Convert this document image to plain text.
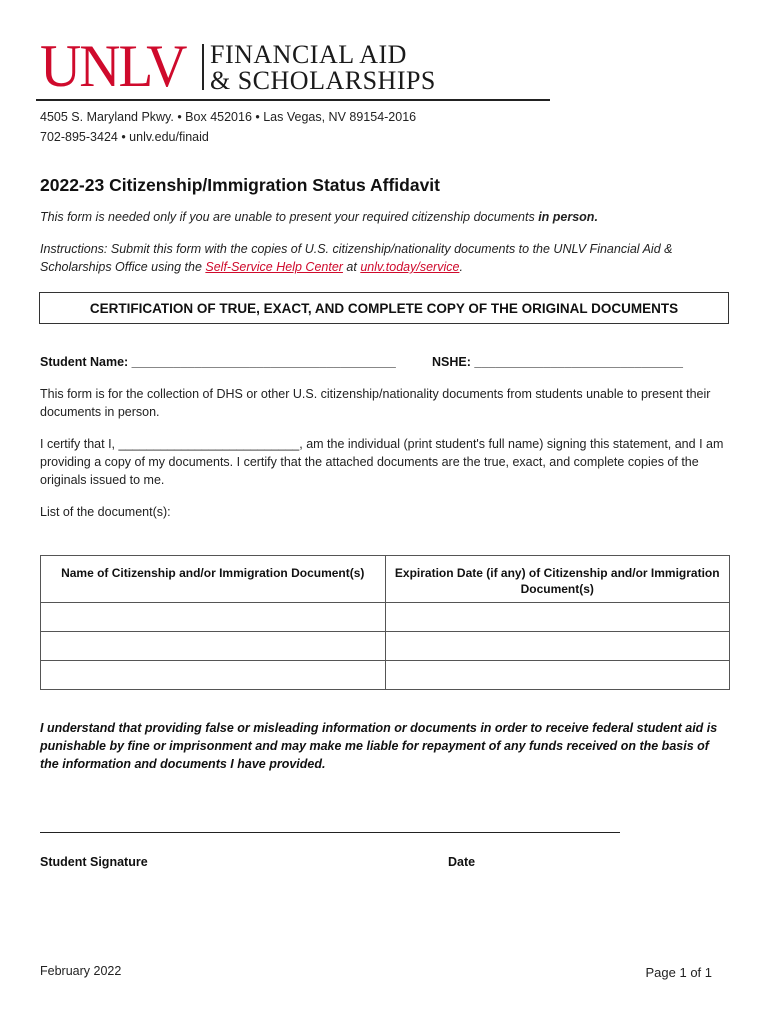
UNLV FINANCIAL AID
& SCHOLARSHIPS
4505 S. Maryland Pkwy. • Box 452016 • Las Vegas, NV 89154-2016
702-895-3424 • unlv.edu/finaid
2022-23 Citizenship/Immigration Status Affidavit
This form is needed only if you are unable to present your required citizenship documents in person.
Instructions: Submit this form with the copies of U.S. citizenship/nationality documents to the UNLV Financial Aid & Scholarships Office using the Self-Service Help Center at unlv.today/service.
CERTIFICATION OF TRUE, EXACT, AND COMPLETE COPY OF THE ORIGINAL DOCUMENTS
Student Name: ______________________________________	NSHE: ______________________________
This form is for the collection of DHS or other U.S. citizenship/nationality documents from students unable to present their documents in person.
I certify that I, __________________________, am the individual (print student's full name) signing this statement, and I am providing a copy of my documents. I certify that the attached documents are the true, exact, and complete copies of the originals issued to me.
List of the document(s):
Name of Citizenship and/or Immigration Document(s)	Expiration Date (if any) of Citizenship and/or Immigration Document(s)

I understand that providing false or misleading information or documents in order to receive federal student aid is punishable by fine or imprisonment and may make me liable for repayment of any funds received on the basis of the information and documents I have provided.
Student Signature	Date
February 2022	Page 1 of 1
